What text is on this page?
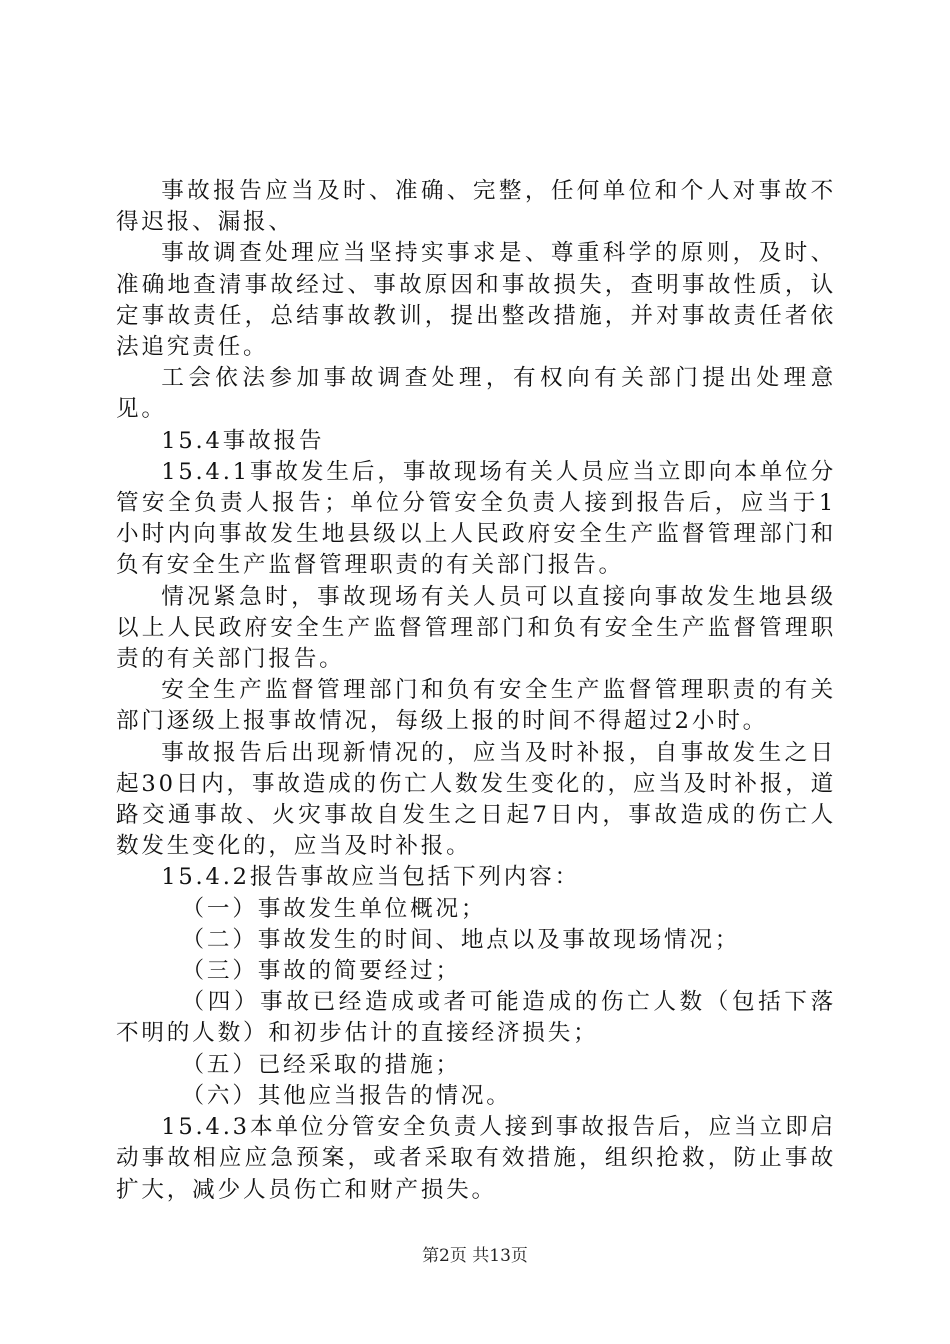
事故报告应当及时、准确、完整，任何单位和个人对事故不得迟报、漏报、

事故调查处理应当坚持实事求是、尊重科学的原则，及时、准确地查清事故经过、事故原因和事故损失，查明事故性质，认定事故责任，总结事故教训，提出整改措施，并对事故责任者依法追究责任。

工会依法参加事故调查处理，有权向有关部门提出处理意见。

15.4事故报告

15.4.1事故发生后，事故现场有关人员应当立即向本单位分管安全负责人报告；单位分管安全负责人接到报告后，应当于1小时内向事故发生地县级以上人民政府安全生产监督管理部门和负有安全生产监督管理职责的有关部门报告。

情况紧急时，事故现场有关人员可以直接向事故发生地县级以上人民政府安全生产监督管理部门和负有安全生产监督管理职责的有关部门报告。

安全生产监督管理部门和负有安全生产监督管理职责的有关部门逐级上报事故情况，每级上报的时间不得超过2小时。

事故报告后出现新情况的，应当及时补报，自事故发生之日起30日内，事故造成的伤亡人数发生变化的，应当及时补报，道路交通事故、火灾事故自发生之日起7日内，事故造成的伤亡人数发生变化的，应当及时补报。

15.4.2报告事故应当包括下列内容：

（一）事故发生单位概况；

（二）事故发生的时间、地点以及事故现场情况；

（三）事故的简要经过；

（四）事故已经造成或者可能造成的伤亡人数（包括下落不明的人数）和初步估计的直接经济损失；

（五）已经采取的措施；

（六）其他应当报告的情况。

15.4.3本单位分管安全负责人接到事故报告后，应当立即启动事故相应应急预案，或者采取有效措施，组织抢救，防止事故扩大，减少人员伤亡和财产损失。

第2页 共13页
